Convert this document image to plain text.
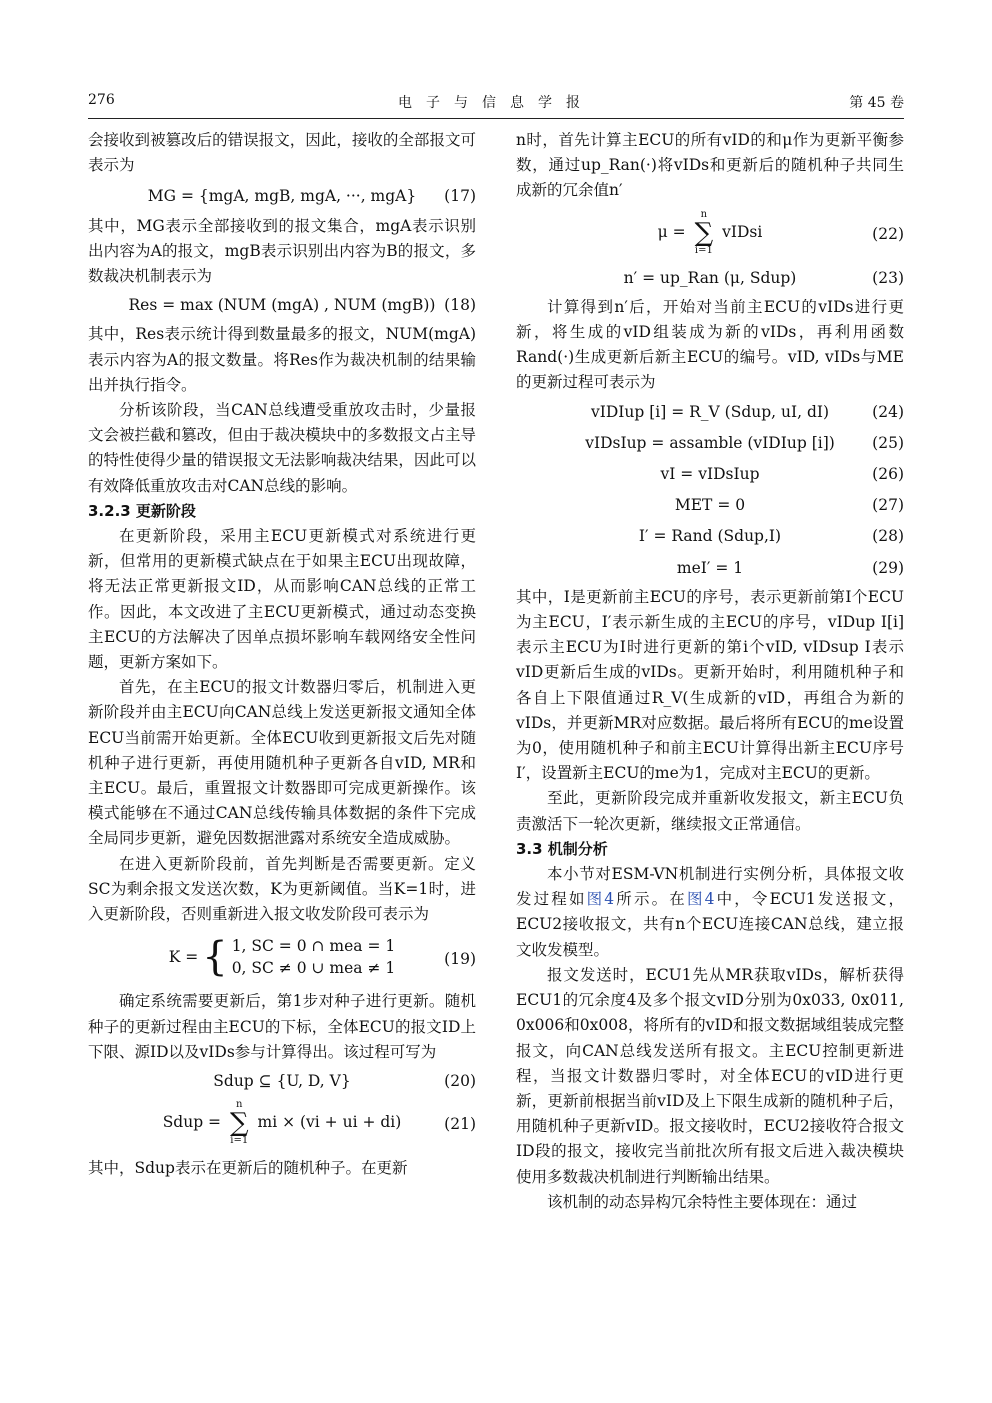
276	电子与信息学报	第 45 卷

会接收到被篡改后的错误报文，因此，接收的全部报文可表示为

MG = {mgA, mgB, mgA, ···, mgA} (17)

其中，MG表示全部接收到的报文集合，mgA表示识别出内容为A的报文，mgB表示识别出内容为B的报文，多数裁决机制表示为

Res = max (NUM (mgA) , NUM (mgB)) (18)

其中，Res表示统计得到数量最多的报文，NUM(mgA)表示内容为A的报文数量。将Res作为裁决机制的结果输出并执行指令。

分析该阶段，当CAN总线遭受重放攻击时，少量报文会被拦截和篡改，但由于裁决模块中的多数报文占主导的特性使得少量的错误报文无法影响裁决结果，因此可以有效降低重放攻击对CAN总线的影响。

3.2.3 更新阶段

在更新阶段，采用主ECU更新模式对系统进行更新，但常用的更新模式缺点在于如果主ECU出现故障，将无法正常更新报文ID，从而影响CAN总线的正常工作。因此，本文改进了主ECU更新模式，通过动态变换主ECU的方法解决了因单点损坏影响车载网络安全性问题，更新方案如下。

首先，在主ECU的报文计数器归零后，机制进入更新阶段并由主ECU向CAN总线上发送更新报文通知全体ECU当前需开始更新。全体ECU收到更新报文后先对随机种子进行更新，再使用随机种子更新各自vID, MR和主ECU。最后，重置报文计数器即可完成更新操作。该模式能够在不通过CAN总线传输具体数据的条件下完成全局同步更新，避免因数据泄露对系统安全造成威胁。

在进入更新阶段前，首先判断是否需要更新。定义SC为剩余报文发送次数，K为更新阈值。当K=1时，进入更新阶段，否则重新进入报文收发阶段可表示为

K = { 1, SC = 0 ∩ mea = 1
0, SC ≠ 0 ∪ mea ≠ 1	(19)

确定系统需要更新后，第1步对种子进行更新。随机种子的更新过程由主ECU的下标，全体ECU的报文ID上下限、源ID以及vIDs参与计算得出。该过程可写为

Sdup ⊆ {U, D, V}	(20)
Sdup =
n
∑
i=1
mi × (vi + ui + di)	(21)

其中，Sdup表示在更新后的随机种子。在更新

n时，首先计算主ECU的所有vID的和μ作为更新平衡参数，通过up_Ran(·)将vIDs和更新后的随机种子共同生成新的冗余值n′

μ =
n
∑
i=1
vIDsi	(22)
n′ = up_Ran (μ, Sdup)	(23)

计算得到n′后，开始对当前主ECU的vIDs进行更新，将生成的vID组装成为新的vIDs，再利用函数Rand(·)生成更新后新主ECU的编号。vID, vIDs与ME的更新过程可表示为

vIDIup [i] = R_V (Sdup, uI, dI)	(24)
vIDsIup = assamble (vIDIup [i]) (25)
vI = vIDsIup	(26)
MET = 0	(27)
I′ = Rand (Sdup,I)	(28)
meI′ = 1	(29)

其中，I是更新前主ECU的序号，表示更新前第I个ECU为主ECU，I′表示新生成的主ECU的序号，vIDup I[i]表示主ECU为I时进行更新的第i个vID, vIDsup I表示vID更新后生成的vIDs。更新开始时，利用随机种子和各自上下限值通过R_V(生成新的vID，再组合为新的vIDs，并更新MR对应数据。最后将所有ECU的me设置为0，使用随机种子和前主ECU计算得出新主ECU序号I′，设置新主ECU的me为1，完成对主ECU的更新。

至此，更新阶段完成并重新收发报文，新主ECU负责激活下一轮次更新，继续报文正常通信。

3.3 机制分析

本小节对ESM-VN机制进行实例分析，具体报文收发过程如图4所示。在图4中，令ECU1发送报文，ECU2接收报文，共有n个ECU连接CAN总线，建立报文收发模型。

报文发送时，ECU1先从MR获取vIDs，解析获得ECU1的冗余度4及多个报文vID分别为0x033, 0x011, 0x006和0x008，将所有的vID和报文数据域组装成完整报文，向CAN总线发送所有报文。主ECU控制更新进程，当报文计数器归零时，对全体ECU的vID进行更新，更新前根据当前vID及上下限生成新的随机种子后，用随机种子更新vID。报文接收时，ECU2接收符合报文ID段的报文，接收完当前批次所有报文后进入裁决模块使用多数裁决机制进行判断输出结果。

该机制的动态异构冗余特性主要体现在：通过
